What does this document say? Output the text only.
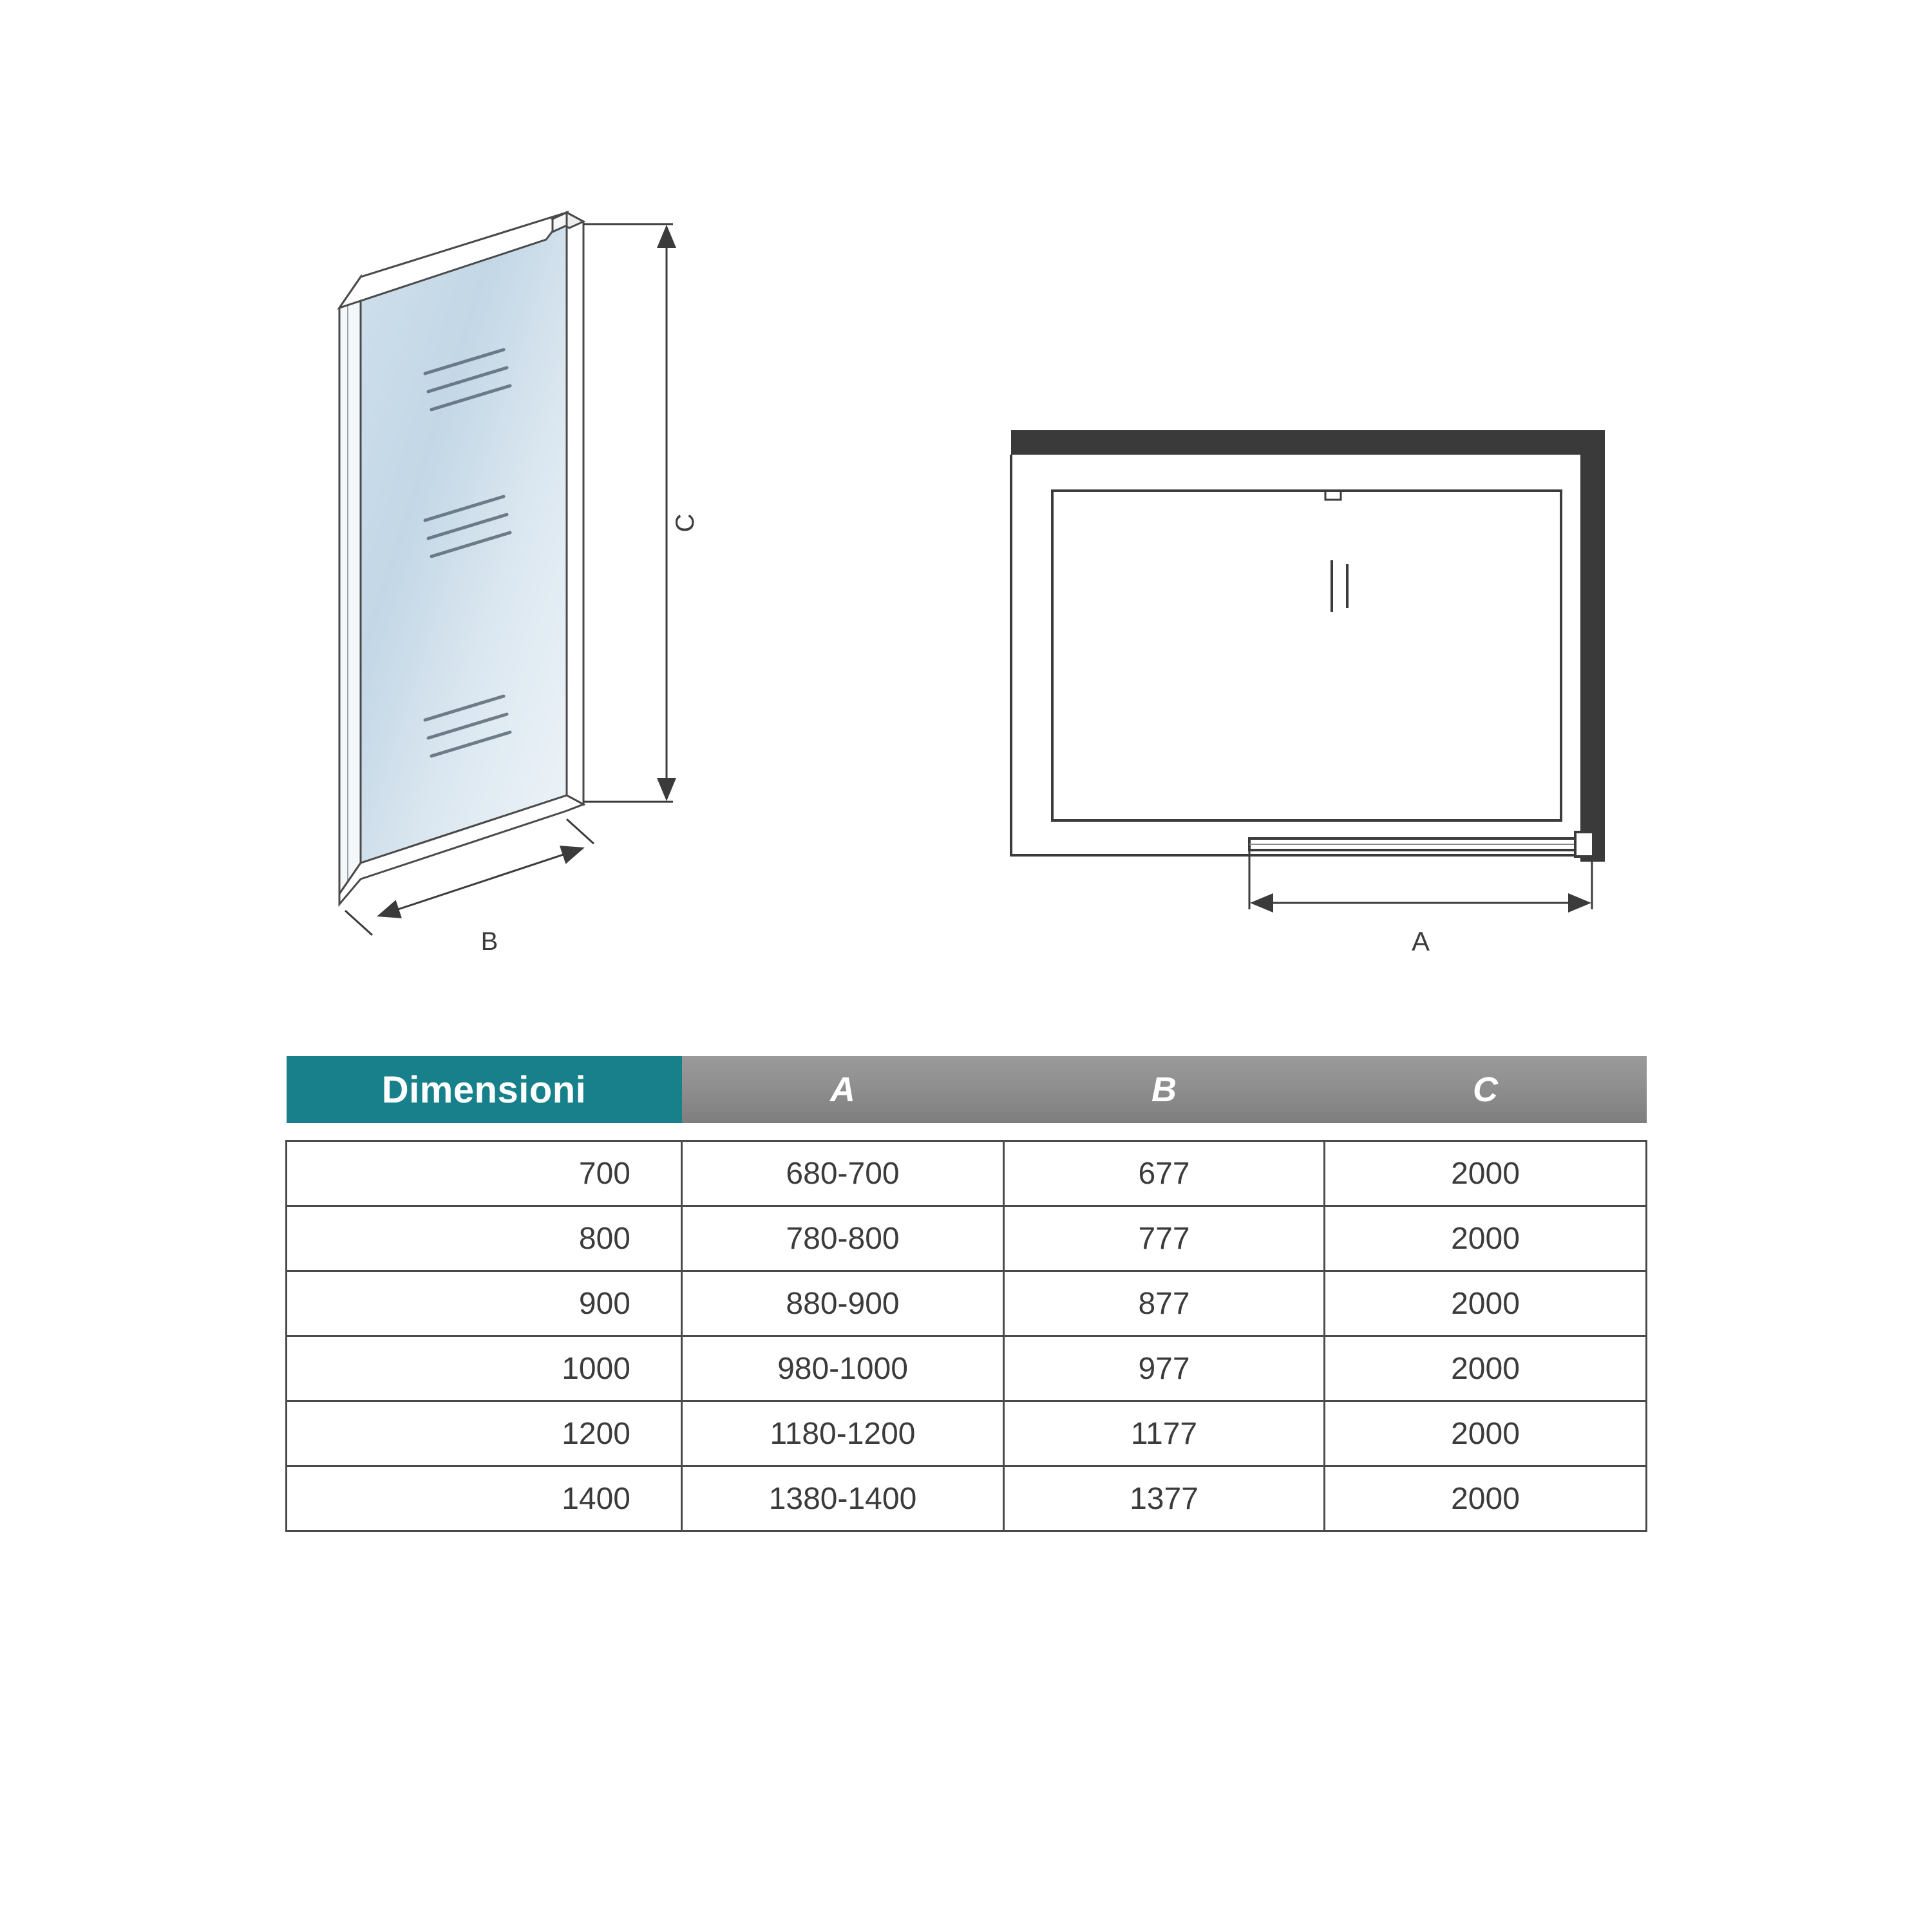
C
B	A
Dimensioni	A	B	C

700	680-700	677	2000
800	780-800	777	2000
900	880-900	877	2000
1000	980-1000	977	2000
1200	1180-1200	1177	2000
1400	1380-1400	1377	2000
